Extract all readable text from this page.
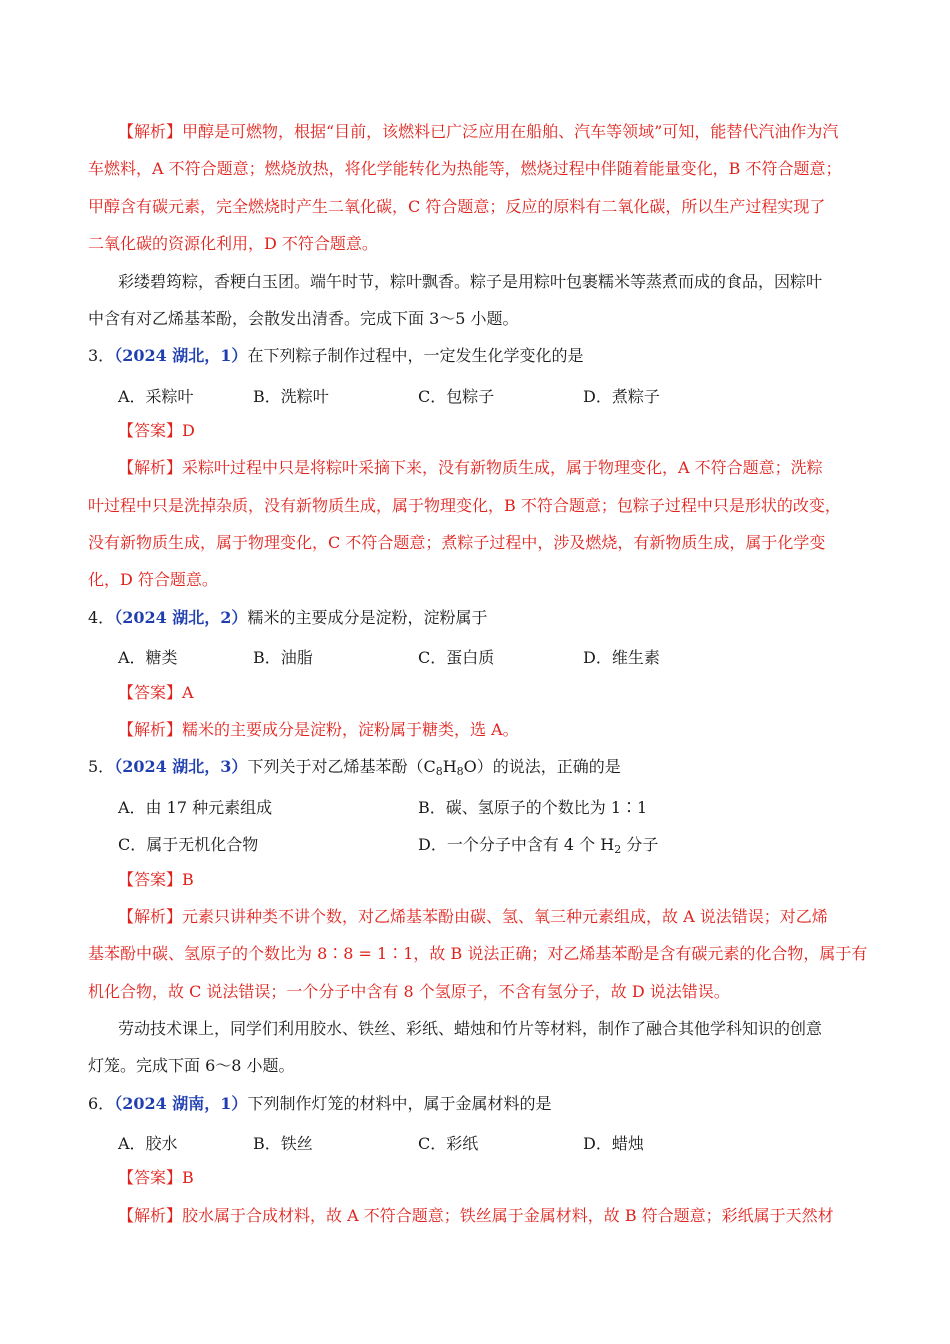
【解析】甲醇是可燃物，根据“目前，该燃料已广泛应用在船舶、汽车等领域”可知，能替代汽油作为汽
车燃料，A 不符合题意；燃烧放热，将化学能转化为热能等，燃烧过程中伴随着能量变化，B 不符合题意；
甲醇含有碳元素，完全燃烧时产生二氧化碳，C 符合题意；反应的原料有二氧化碳，所以生产过程实现了
二氧化碳的资源化利用，D 不符合题意。
彩缕碧筠粽，香粳白玉团。端午时节，粽叶飘香。粽子是用粽叶包裹糯米等蒸煮而成的食品，因粽叶
中含有对乙烯基苯酚，会散发出清香。完成下面 3～5 小题。
3．（2024 湖北，1）在下列粽子制作过程中，一定发生化学变化的是
A．采粽叶	B．洗粽叶	C．包粽子	D．煮粽子
【答案】D
【解析】采粽叶过程中只是将粽叶采摘下来，没有新物质生成，属于物理变化，A 不符合题意；洗粽
叶过程中只是洗掉杂质，没有新物质生成，属于物理变化，B 不符合题意；包粽子过程中只是形状的改变，
没有新物质生成，属于物理变化，C 不符合题意；煮粽子过程中，涉及燃烧，有新物质生成，属于化学变
化，D 符合题意。
4．（2024 湖北，2）糯米的主要成分是淀粉，淀粉属于
A．糖类	B．油脂	C．蛋白质	D．维生素
【答案】A
【解析】糯米的主要成分是淀粉，淀粉属于糖类，选 A。
5．（2024 湖北，3）下列关于对乙烯基苯酚$(C_8H_8O)$的说法，正确的是
A．由 17 种元素组成	B．碳、氢原子的个数比为 1∶1
C．属于无机化合物	D．一个分子中含有 4 个 $H_2$ 分子
【答案】B
【解析】元素只讲种类不讲个数，对乙烯基苯酚由碳、氢、氧三种元素组成，故 A 说法错误；对乙烯
基苯酚中碳、氢原子的个数比为 8∶8 = 1∶1，故 B 说法正确；对乙烯基苯酚是含有碳元素的化合物，属于有
机化合物，故 C 说法错误；一个分子中含有 8 个氢原子，不含有氢分子，故 D 说法错误。
劳动技术课上，同学们利用胶水、铁丝、彩纸、蜡烛和竹片等材料，制作了融合其他学科知识的创意
灯笼。完成下面 6～8 小题。
6．（2024 湖南，1）下列制作灯笼的材料中，属于金属材料的是
A．胶水	B．铁丝	C．彩纸	D．蜡烛
【答案】B
【解析】胶水属于合成材料，故 A 不符合题意；铁丝属于金属材料，故 B 符合题意；彩纸属于天然材
